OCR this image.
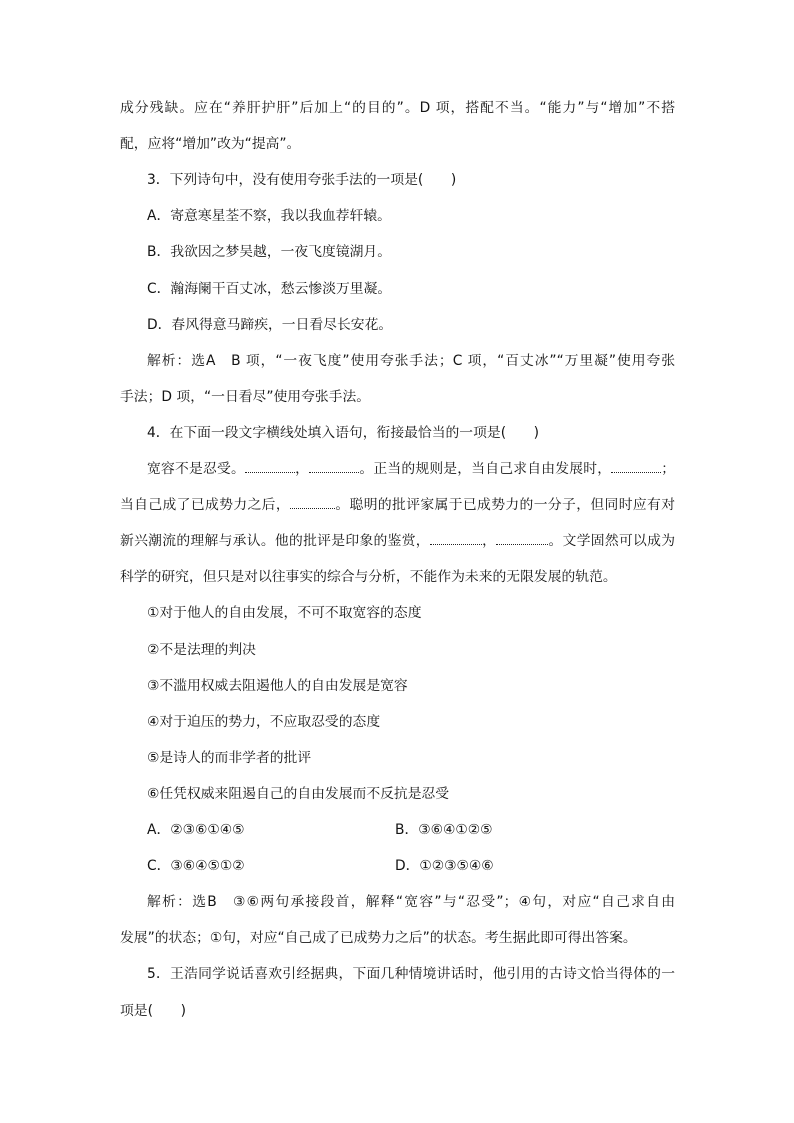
成分残缺。应在“养肝护肝”后加上“的目的”。D 项，搭配不当。“能力”与“增加”不搭
配，应将“增加”改为“提高”。
3．下列诗句中，没有使用夸张手法的一项是(　　)
A．寄意寒星荃不察，我以我血荐轩辕。
B．我欲因之梦吴越，一夜飞度镜湖月。
C．瀚海阑干百丈冰，愁云惨淡万里凝。
D．春风得意马蹄疾，一日看尽长安花。
解析：选A　B 项，“一夜飞度”使用夸张手法；C 项，“百丈冰”“万里凝”使用夸张
手法；D 项，“一日看尽”使用夸张手法。
4．在下面一段文字横线处填入语句，衔接最恰当的一项是(　　)
宽容不是忍受。	，	。正当的规则是，当自己求自由发展时，	；
当自己成了已成势力之后，	。聪明的批评家属于已成势力的一分子，但同时应有对
新兴潮流的理解与承认。他的批评是印象的鉴赏，	，	。文学固然可以成为
科学的研究，但只是对以往事实的综合与分析，不能作为未来的无限发展的轨范。
①对于他人的自由发展，不可不取宽容的态度
②不是法理的判决
③不滥用权威去阻遏他人的自由发展是宽容
④对于迫压的势力，不应取忍受的态度
⑤是诗人的而非学者的批评
⑥任凭权威来阻遏自己的自由发展而不反抗是忍受
A．②③⑥①④⑤	B．③⑥④①②⑤
C．③⑥④⑤①②	D．①②③⑤④⑥
解析：选B　③⑥两句承接段首，解释“宽容”与“忍受”；④句，对应“自己求自由
发展”的状态；①句，对应“自己成了已成势力之后”的状态。考生据此即可得出答案。
5．王浩同学说话喜欢引经据典，下面几种情境讲话时，他引用的古诗文恰当得体的一
项是(　　)
